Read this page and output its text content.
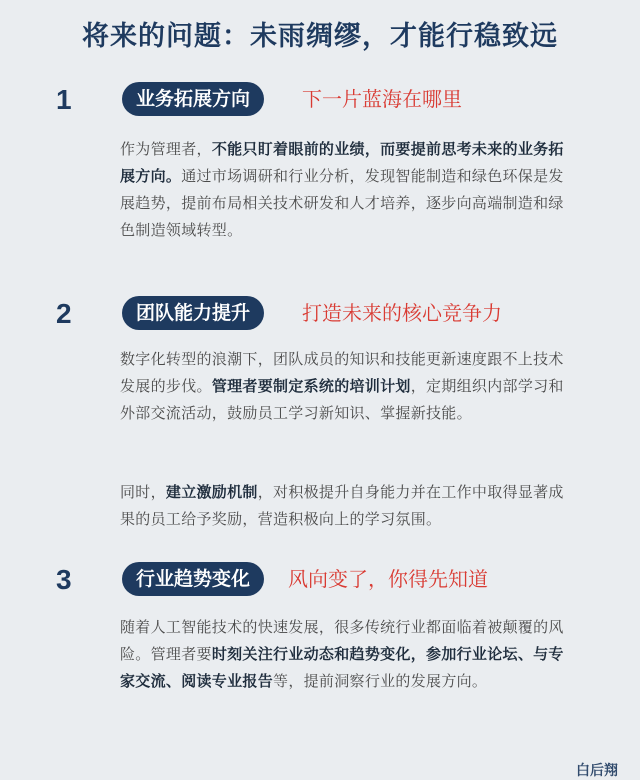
将来的问题：未雨绸缪，才能行稳致远
1	业务拓展方向	下一片蓝海在哪里

作为管理者，不能只盯着眼前的业绩，而要提前思考未来的业务拓展方向。通过市场调研和行业分析，发现智能制造和绿色环保是发展趋势，提前布局相关技术研发和人才培养，逐步向高端制造和绿色制造领域转型。

2	团队能力提升	打造未来的核心竞争力

数字化转型的浪潮下，团队成员的知识和技能更新速度跟不上技术发展的步伐。管理者要制定系统的培训计划，定期组织内部学习和外部交流活动，鼓励员工学习新知识、掌握新技能。

同时，建立激励机制，对积极提升自身能力并在工作中取得显著成果的员工给予奖励，营造积极向上的学习氛围。

3	行业趋势变化	风向变了，你得先知道

随着人工智能技术的快速发展，很多传统行业都面临着被颠覆的风险。管理者要时刻关注行业动态和趋势变化，参加行业论坛、与专家交流、阅读专业报告等，提前洞察行业的发展方向。

白后翔
